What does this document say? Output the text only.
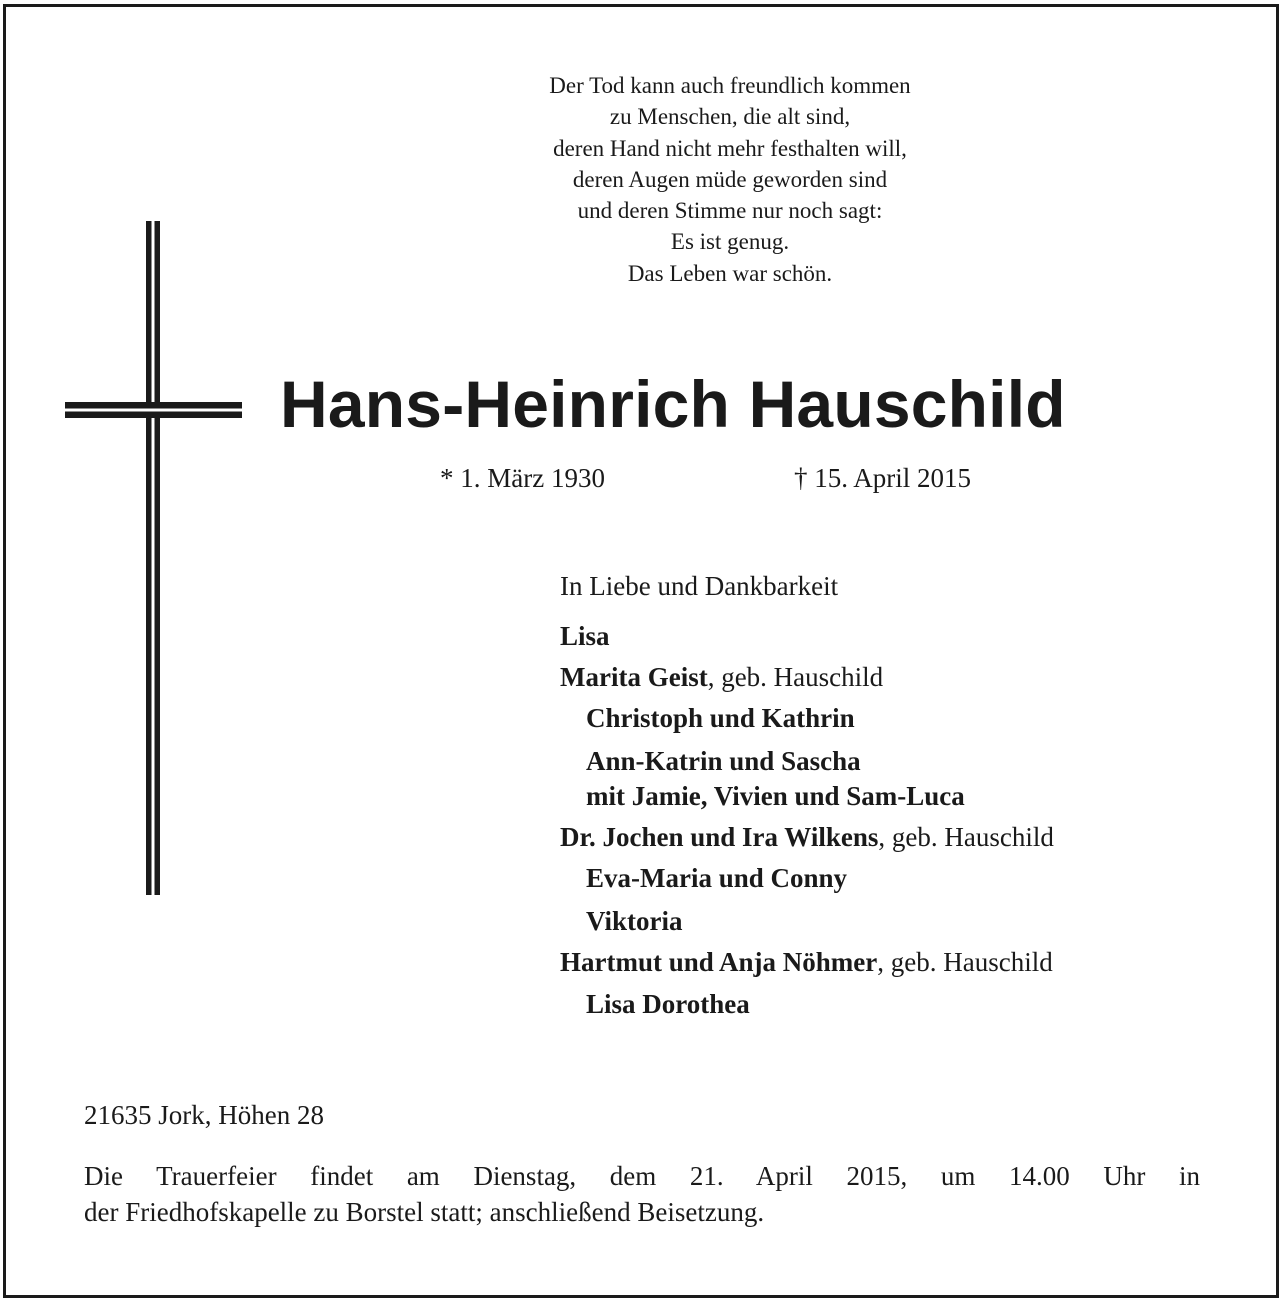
Der Tod kann auch freundlich kommen
zu Menschen, die alt sind,
deren Hand nicht mehr festhalten will,
deren Augen müde geworden sind
und deren Stimme nur noch sagt:
Es ist genug.
Das Leben war schön.
Hans-Heinrich Hauschild
* 1. März 1930	† 15. April 2015
In Liebe und Dankbarkeit
Lisa
Marita Geist, geb. Hauschild
Christoph und Kathrin
Ann-Katrin und Sascha
mit Jamie, Vivien und Sam-Luca
Dr. Jochen und Ira Wilkens, geb. Hauschild
Eva-Maria und Conny
Viktoria
Hartmut und Anja Nöhmer, geb. Hauschild
Lisa Dorothea
21635 Jork, Höhen 28
Die Trauerfeier findet am Dienstag, dem 21. April 2015, um 14.00 Uhr in
der Friedhofskapelle zu Borstel statt; anschließend Beisetzung.
